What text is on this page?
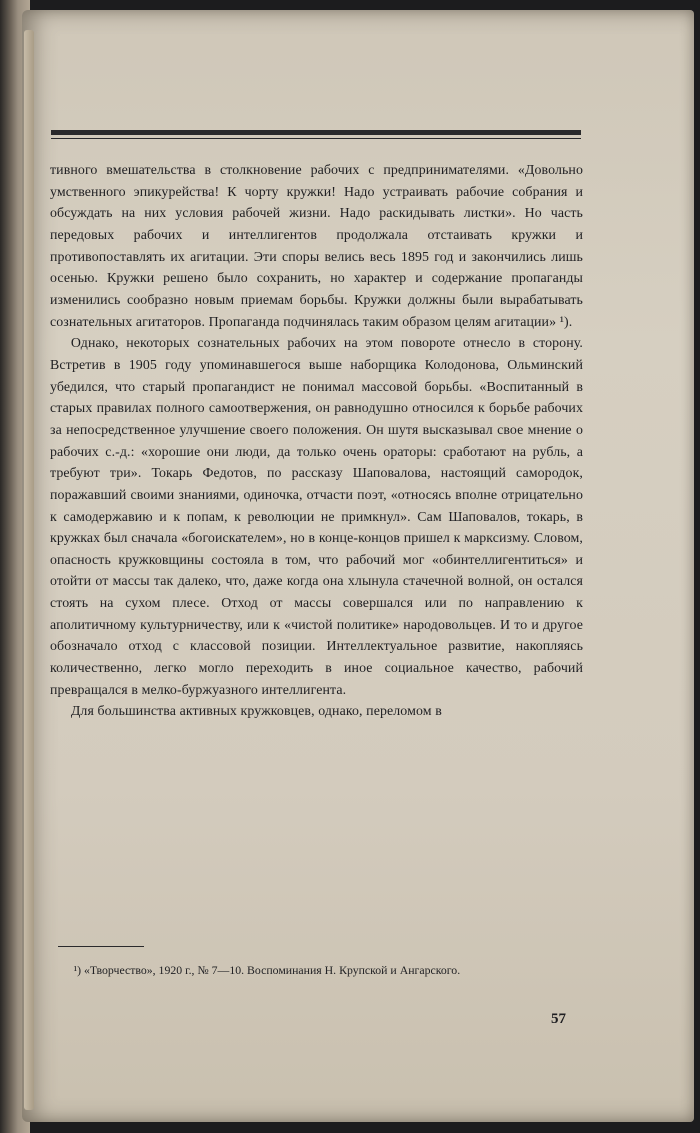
тивного вмешательства в столкновение рабочих с предпринимателями. «Довольно умственного эпикурейства! К чорту кружки! Надо устраивать рабочие собрания и обсуждать на них условия рабочей жизни. Надо раскидывать листки». Но часть передовых рабочих и интеллигентов продолжала отстаивать кружки и противопоставлять их агитации. Эти споры велись весь 1895 год и закончились лишь осенью. Кружки решено было сохранить, но характер и содержание пропаганды изменились сообразно новым приемам борьбы. Кружки должны были вырабатывать сознательных агитаторов. Пропаганда подчинялась таким образом целям агитации» ¹).

Однако, некоторых сознательных рабочих на этом повороте отнесло в сторону. Встретив в 1905 году упоминавшегося выше наборщика Колодонова, Ольминский убедился, что старый пропагандист не понимал массовой борьбы. «Воспитанный в старых правилах полного самоотвержения, он равнодушно относился к борьбе рабочих за непосредственное улучшение своего положения. Он шутя высказывал свое мнение о рабочих с.-д.: «хорошие они люди, да только очень ораторы: сработают на рубль, а требуют три». Токарь Федотов, по рассказу Шаповалова, настоящий самородок, поражавший своими знаниями, одиночка, отчасти поэт, «относясь вполне отрицательно к самодержавию и к попам, к революции не примкнул». Сам Шаповалов, токарь, в кружках был сначала «богоискателем», но в конце-концов пришел к марксизму. Словом, опасность кружковщины состояла в том, что рабочий мог «обинтеллигентиться» и отойти от массы так далеко, что, даже когда она хлынула стачечной волной, он остался стоять на сухом плесе. Отход от массы совершался или по направлению к аполитичному культурничеству, или к «чистой политике» народовольцев. И то и другое обозначало отход с классовой позиции. Интеллектуальное развитие, накопляясь количественно, легко могло переходить в иное социальное качество, рабочий превращался в мелко-буржуазного интеллигента.

Для большинства активных кружковцев, однако, переломом в

¹) «Творчество», 1920 г., № 7—10. Воспоминания Н. Крупской и Ангарского.
57
